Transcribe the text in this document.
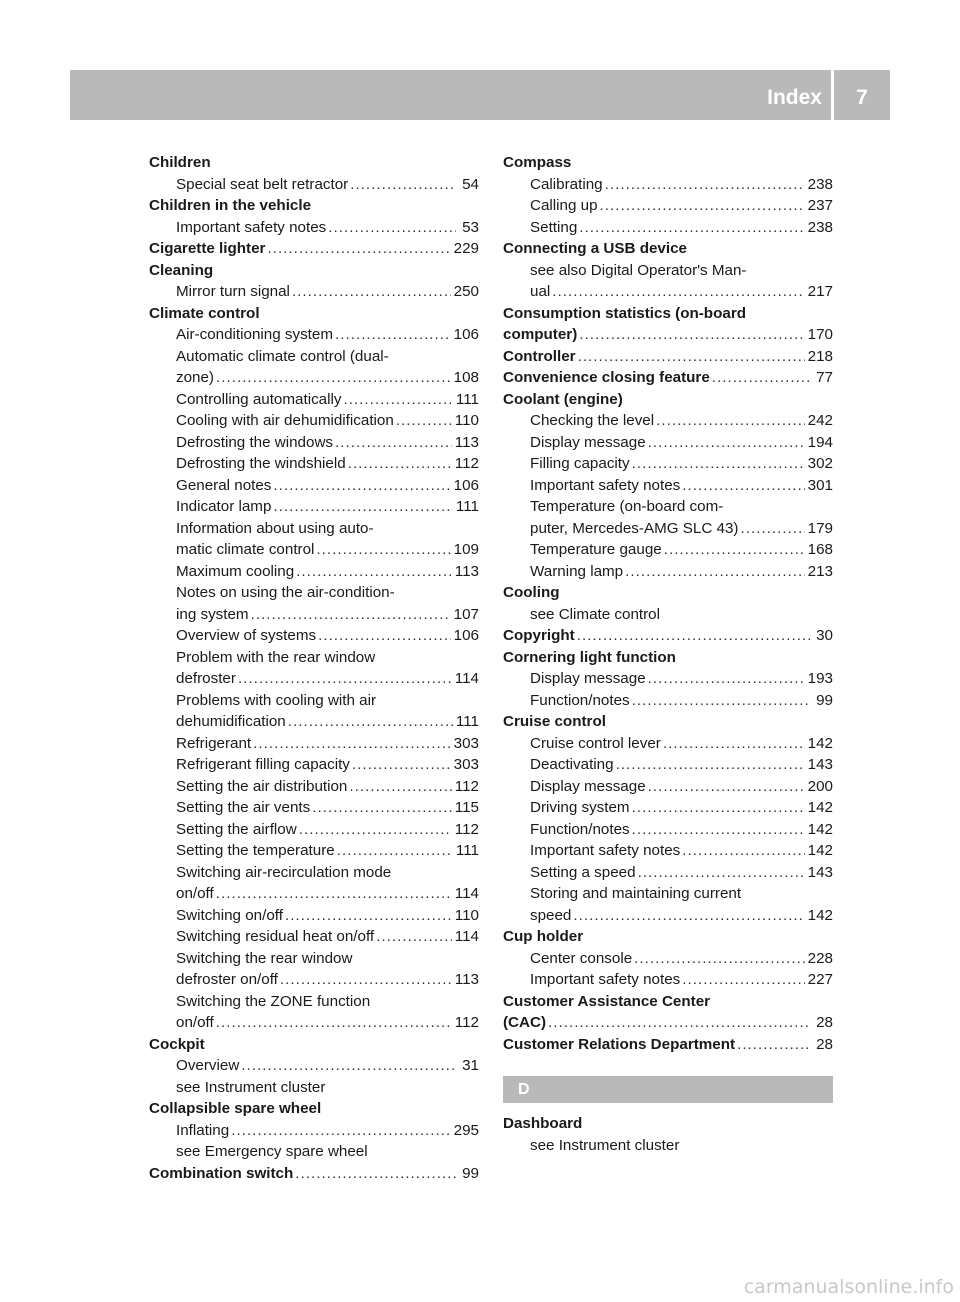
Index	7
Children
Special seat belt retractor . . .	54
Children in the vehicle
Important safety notes . . .	53
Cigarette lighter . . .	229
Cleaning
Mirror turn signal . . .	250
Climate control
Air-conditioning system . . .	106
Automatic climate control (dual-
zone) . . .	108
Controlling automatically . . .	111
Cooling with air dehumidification . . .	110
Defrosting the windows . . .	113
Defrosting the windshield . . .	112
General notes . . .	106
Indicator lamp . . .	111
Information about using auto-
matic climate control . . .	109
Maximum cooling . . .	113
Notes on using the air-condition-
ing system . . .	107
Overview of systems . . .	106
Problem with the rear window
defroster . . .	114
Problems with cooling with air
dehumidification . . .	111
Refrigerant . . .	303
Refrigerant filling capacity . . .	303
Setting the air distribution . . .	112
Setting the air vents . . .	115
Setting the airflow . . .	112
Setting the temperature . . .	111
Switching air-recirculation mode
on/off . . .	114
Switching on/off . . .	110
Switching residual heat on/off . . .	114
Switching the rear window
defroster on/off . . .	113
Switching the ZONE function
on/off . . .	112
Cockpit
Overview . . .	31
see Instrument cluster
Collapsible spare wheel
Inflating . . .	295
see Emergency spare wheel
Combination switch . . .	99
Compass
Calibrating . . .	238
Calling up . . .	237
Setting . . .	238
Connecting a USB device
see also Digital Operator's Man-
ual . . .	217
Consumption statistics (on-board
computer) . . .	170
Controller . . .	218
Convenience closing feature . . .	77
Coolant (engine)
Checking the level . . .	242
Display message . . .	194
Filling capacity . . .	302
Important safety notes . . .	301
Temperature (on-board com-
puter, Mercedes-AMG SLC 43) . . .	179
Temperature gauge . . .	168
Warning lamp . . .	213
Cooling
see Climate control
Copyright . . .	30
Cornering light function
Display message . . .	193
Function/notes . . .	99
Cruise control
Cruise control lever . . .	142
Deactivating . . .	143
Display message . . .	200
Driving system . . .	142
Function/notes . . .	142
Important safety notes . . .	142
Setting a speed . . .	143
Storing and maintaining current
speed . . .	142
Cup holder
Center console . . .	228
Important safety notes . . .	227
Customer Assistance Center
(CAC) . . .	28
Customer Relations Department . . .	28
D
Dashboard
see Instrument cluster
carmanualsonline.info
